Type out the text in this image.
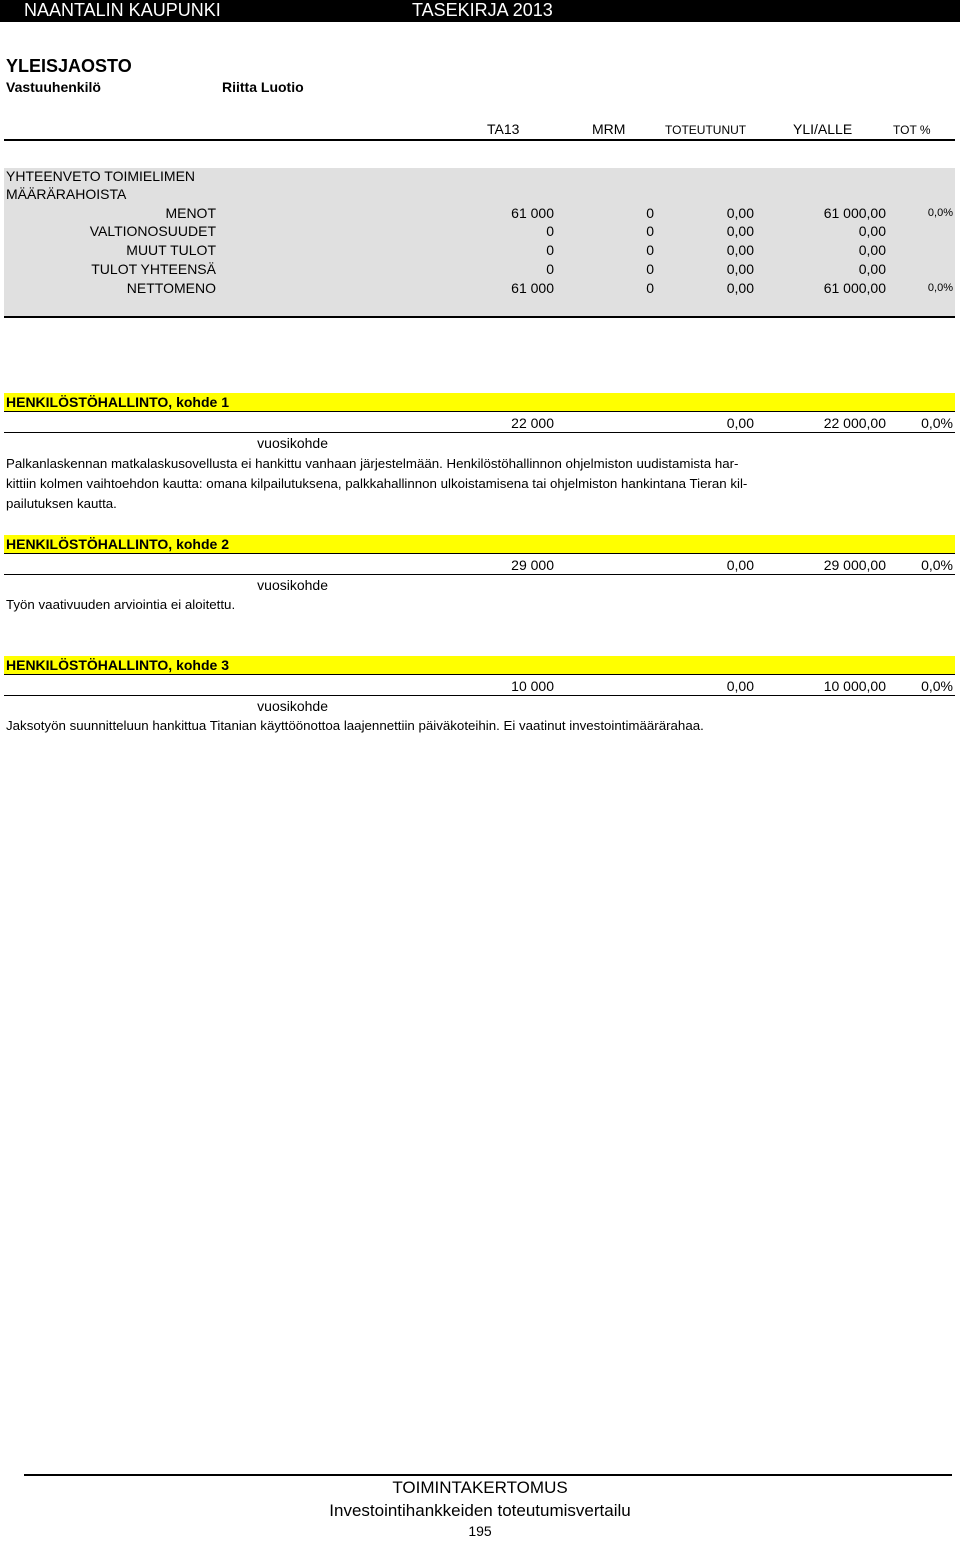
NAANTALIN KAUPUNKI	TASEKIRJA 2013
YLEISJAOSTO
Vastuuhenkilö	Riitta Luotio
TA13	MRM	TOTEUTUNUT	YLI/ALLE	TOT %
YHTEENVETO TOIMIELIMEN
MÄÄRÄRAHOISTA
MENOT	61 000	0	0,00	61 000,00	0,0%
VALTIONOSUUDET	0	0	0,00	0,00
MUUT TULOT	0	0	0,00	0,00
TULOT YHTEENSÄ	0	0	0,00	0,00
NETTOMENO	61 000	0	0,00	61 000,00	0,0%
HENKILÖSTÖHALLINTO, kohde 1
22 000	0,00	22 000,00	0,0%
vuosikohde
Palkanlaskennan matkalaskusovellusta ei hankittu vanhaan järjestelmään. Henkilöstöhallinnon ohjelmiston uudistamista har-
kittiin kolmen vaihtoehdon kautta: omana kilpailutuksena, palkkahallinnon ulkoistamisena tai ohjelmiston hankintana Tieran kil-
pailutuksen kautta.
HENKILÖSTÖHALLINTO, kohde 2
29 000	0,00	29 000,00	0,0%
vuosikohde
Työn vaativuuden arviointia ei aloitettu.
HENKILÖSTÖHALLINTO, kohde 3
10 000	0,00	10 000,00	0,0%
vuosikohde
Jaksotyön suunnitteluun hankittua Titanian käyttöönottoa laajennettiin päiväkoteihin. Ei vaatinut investointimäärärahaa.
TOIMINTAKERTOMUS
Investointihankkeiden toteutumisvertailu
195
